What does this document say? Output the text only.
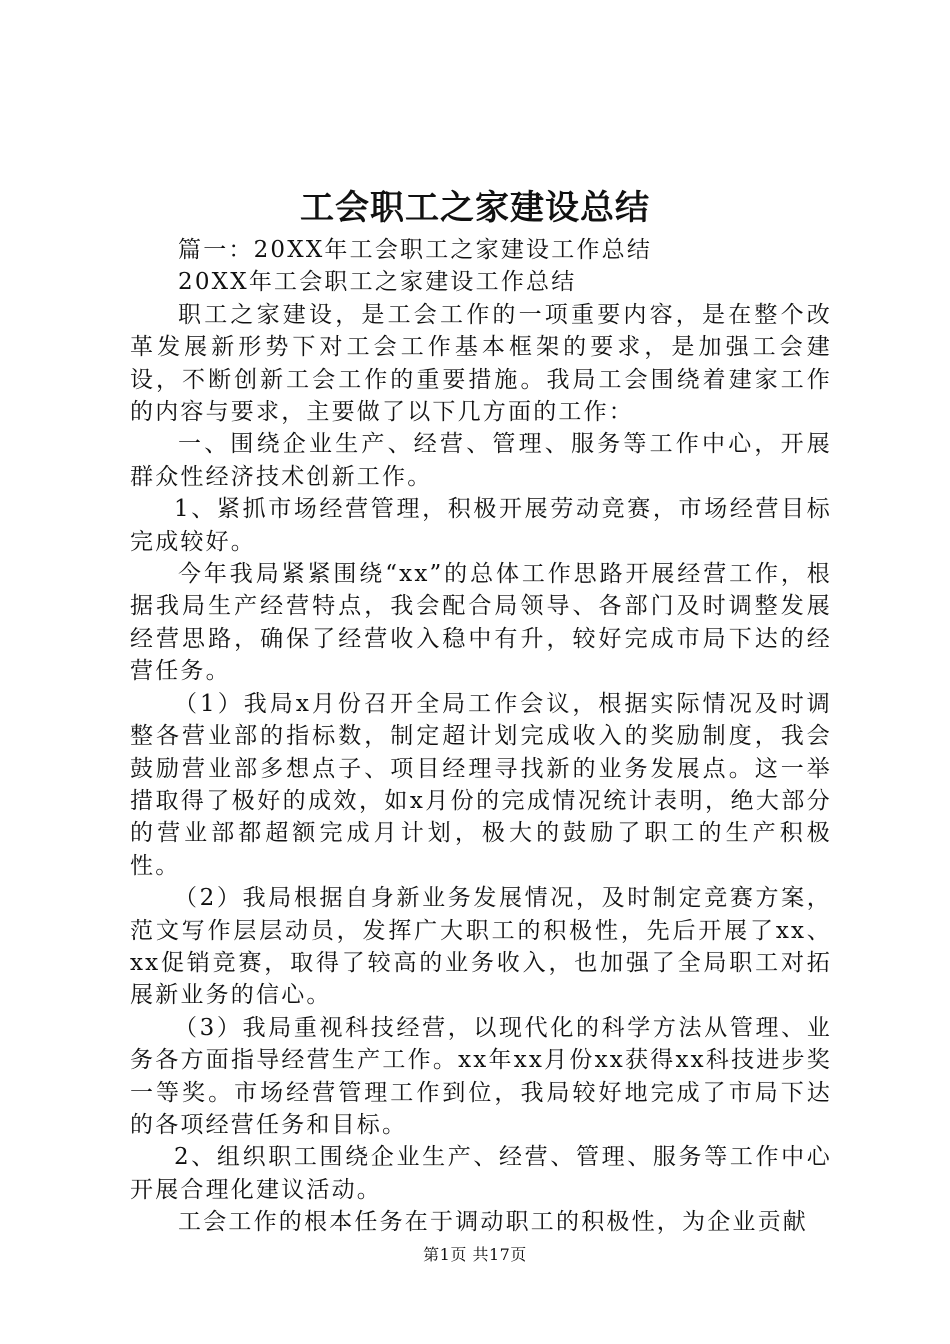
工会职工之家建设总结

篇一：20XX年工会职工之家建设工作总结

20XX年工会职工之家建设工作总结

职工之家建设，是工会工作的一项重要内容，是在整个改革发展新形势下对工会工作基本框架的要求，是加强工会建设，不断创新工会工作的重要措施。我局工会围绕着建家工作的内容与要求，主要做了以下几方面的工作：

一、围绕企业生产、经营、管理、服务等工作中心，开展群众性经济技术创新工作。

1、紧抓市场经营管理，积极开展劳动竞赛，市场经营目标完成较好。

今年我局紧紧围绕“xx”的总体工作思路开展经营工作，根据我局生产经营特点，我会配合局领导、各部门及时调整发展经营思路，确保了经营收入稳中有升，较好完成市局下达的经营任务。

（1）我局x月份召开全局工作会议，根据实际情况及时调整各营业部的指标数，制定超计划完成收入的奖励制度，我会鼓励营业部多想点子、项目经理寻找新的业务发展点。这一举措取得了极好的成效，如x月份的完成情况统计表明，绝大部分的营业部都超额完成月计划，极大的鼓励了职工的生产积极性。

（2）我局根据自身新业务发展情况，及时制定竞赛方案，范文写作层层动员，发挥广大职工的积极性，先后开展了xx、xx促销竞赛，取得了较高的业务收入，也加强了全局职工对拓展新业务的信心。

（3）我局重视科技经营，以现代化的科学方法从管理、业务各方面指导经营生产工作。xx年xx月份xx获得xx科技进步奖一等奖。市场经营管理工作到位，我局较好地完成了市局下达的各项经营任务和目标。

2、组织职工围绕企业生产、经营、管理、服务等工作中心开展合理化建议活动。

工会工作的根本任务在于调动职工的积极性，为企业贡献

第1页 共17页
